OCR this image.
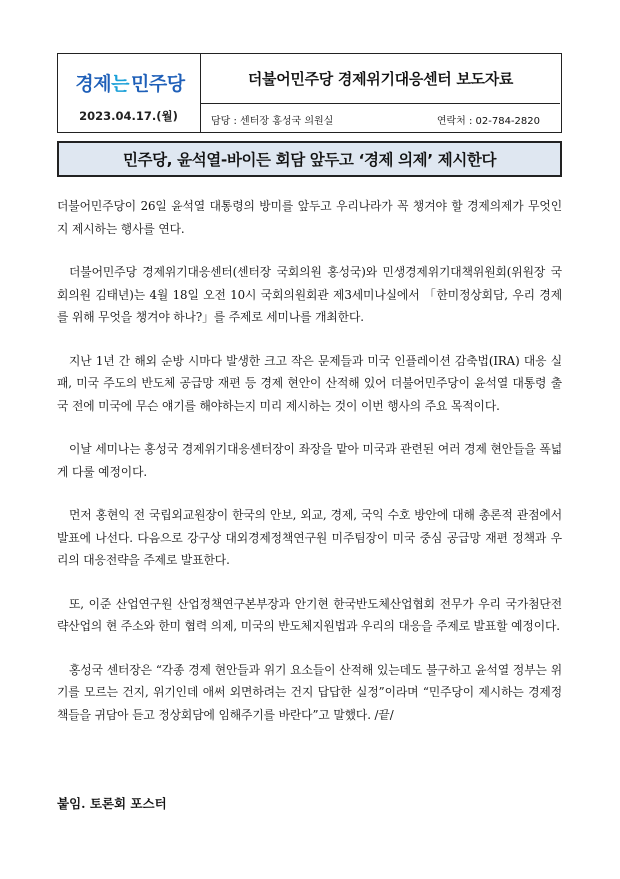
경제 는 민주당
2023.04.17.(월)
더불어민주당 경제위기대응센터 보도자료
담당 : 센터장 홍성국 의원실	연락처 : 02-784-2820
민주당, 윤석열-바이든 회담 앞두고 ‘경제 의제’ 제시한다

더불어민주당이 26일 윤석열 대통령의 방미를 앞두고 우리나라가 꼭 챙겨야 할 경제의제가 무엇인지 제시하는 행사를 연다.

더불어민주당 경제위기대응센터(센터장 국회의원 홍성국)와 민생경제위기대책위원회(위원장 국회의원 김태년)는 4월 18일 오전 10시 국회의원회관 제3세미나실에서 「한미정상회담, 우리 경제를 위해 무엇을 챙겨야 하나?」를 주제로 세미나를 개최한다.

지난 1년 간 해외 순방 시마다 발생한 크고 작은 문제들과 미국 인플레이션 감축법(IRA) 대응 실패, 미국 주도의 반도체 공급망 재편 등 경제 현안이 산적해 있어 더불어민주당이 윤석열 대통령 출국 전에 미국에 무슨 얘기를 해야하는지 미리 제시하는 것이 이번 행사의 주요 목적이다.

이날 세미나는 홍성국 경제위기대응센터장이 좌장을 맡아 미국과 관련된 여러 경제 현안들을 폭넓게 다룰 예정이다.

먼저 홍현익 전 국립외교원장이 한국의 안보, 외교, 경제, 국익 수호 방안에 대해 총론적 관점에서 발표에 나선다. 다음으로 강구상 대외경제정책연구원 미주팀장이 미국 중심 공급망 재편 정책과 우리의 대응전략을 주제로 발표한다.

또, 이준 산업연구원 산업정책연구본부장과 안기현 한국반도체산업협회 전무가 우리 국가첨단전략산업의 현 주소와 한미 협력 의제, 미국의 반도체지원법과 우리의 대응을 주제로 발표할 예정이다.

홍성국 센터장은 “각종 경제 현안들과 위기 요소들이 산적해 있는데도 불구하고 윤석열 정부는 위기를 모르는 건지, 위기인데 애써 외면하려는 건지 답답한 실정”이라며 “민주당이 제시하는 경제정책들을 귀담아 듣고 정상회담에 임해주기를 바란다”고 말했다. /끝/

붙임. 토론회 포스터
